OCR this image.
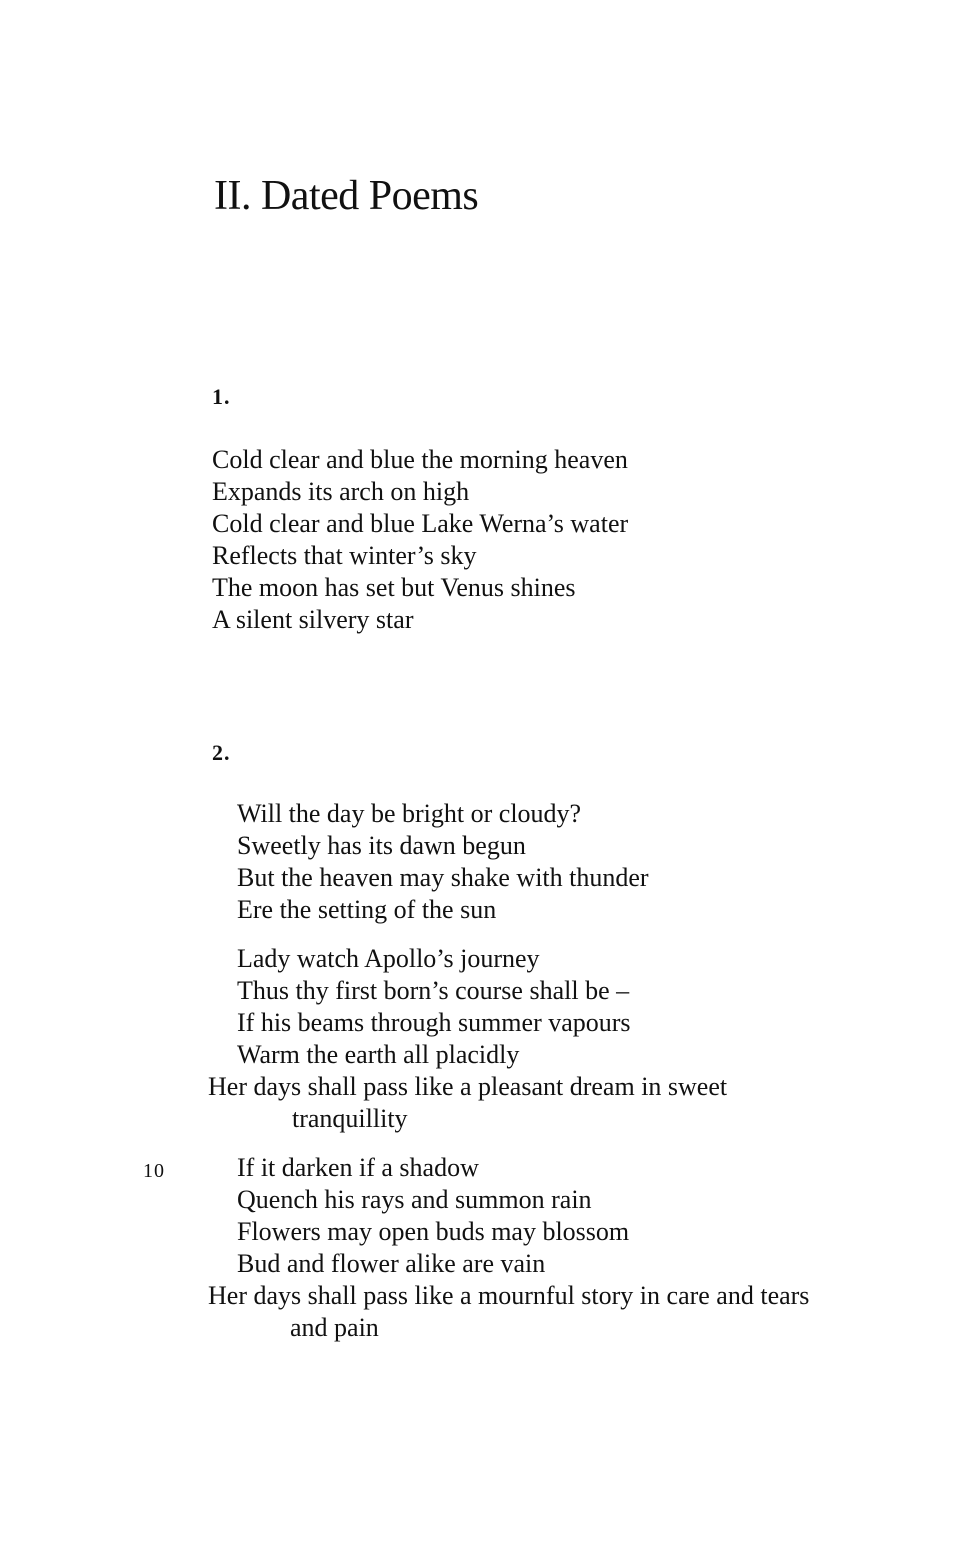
II. Dated Poems
1.
Cold clear and blue the morning heaven
Expands its arch on high
Cold clear and blue Lake Werna’s water
Reflects that winter’s sky
The moon has set but Venus shines
A silent silvery star
2.
Will the day be bright or cloudy?
Sweetly has its dawn begun
But the heaven may shake with thunder
Ere the setting of the sun
Lady watch Apollo’s journey
Thus thy first born’s course shall be –
If his beams through summer vapours
Warm the earth all placidly
Her days shall pass like a pleasant dream in sweet
tranquillity
10	If it darken if a shadow
Quench his rays and summon rain
Flowers may open buds may blossom
Bud and flower alike are vain
Her days shall pass like a mournful story in care and tears
and pain
